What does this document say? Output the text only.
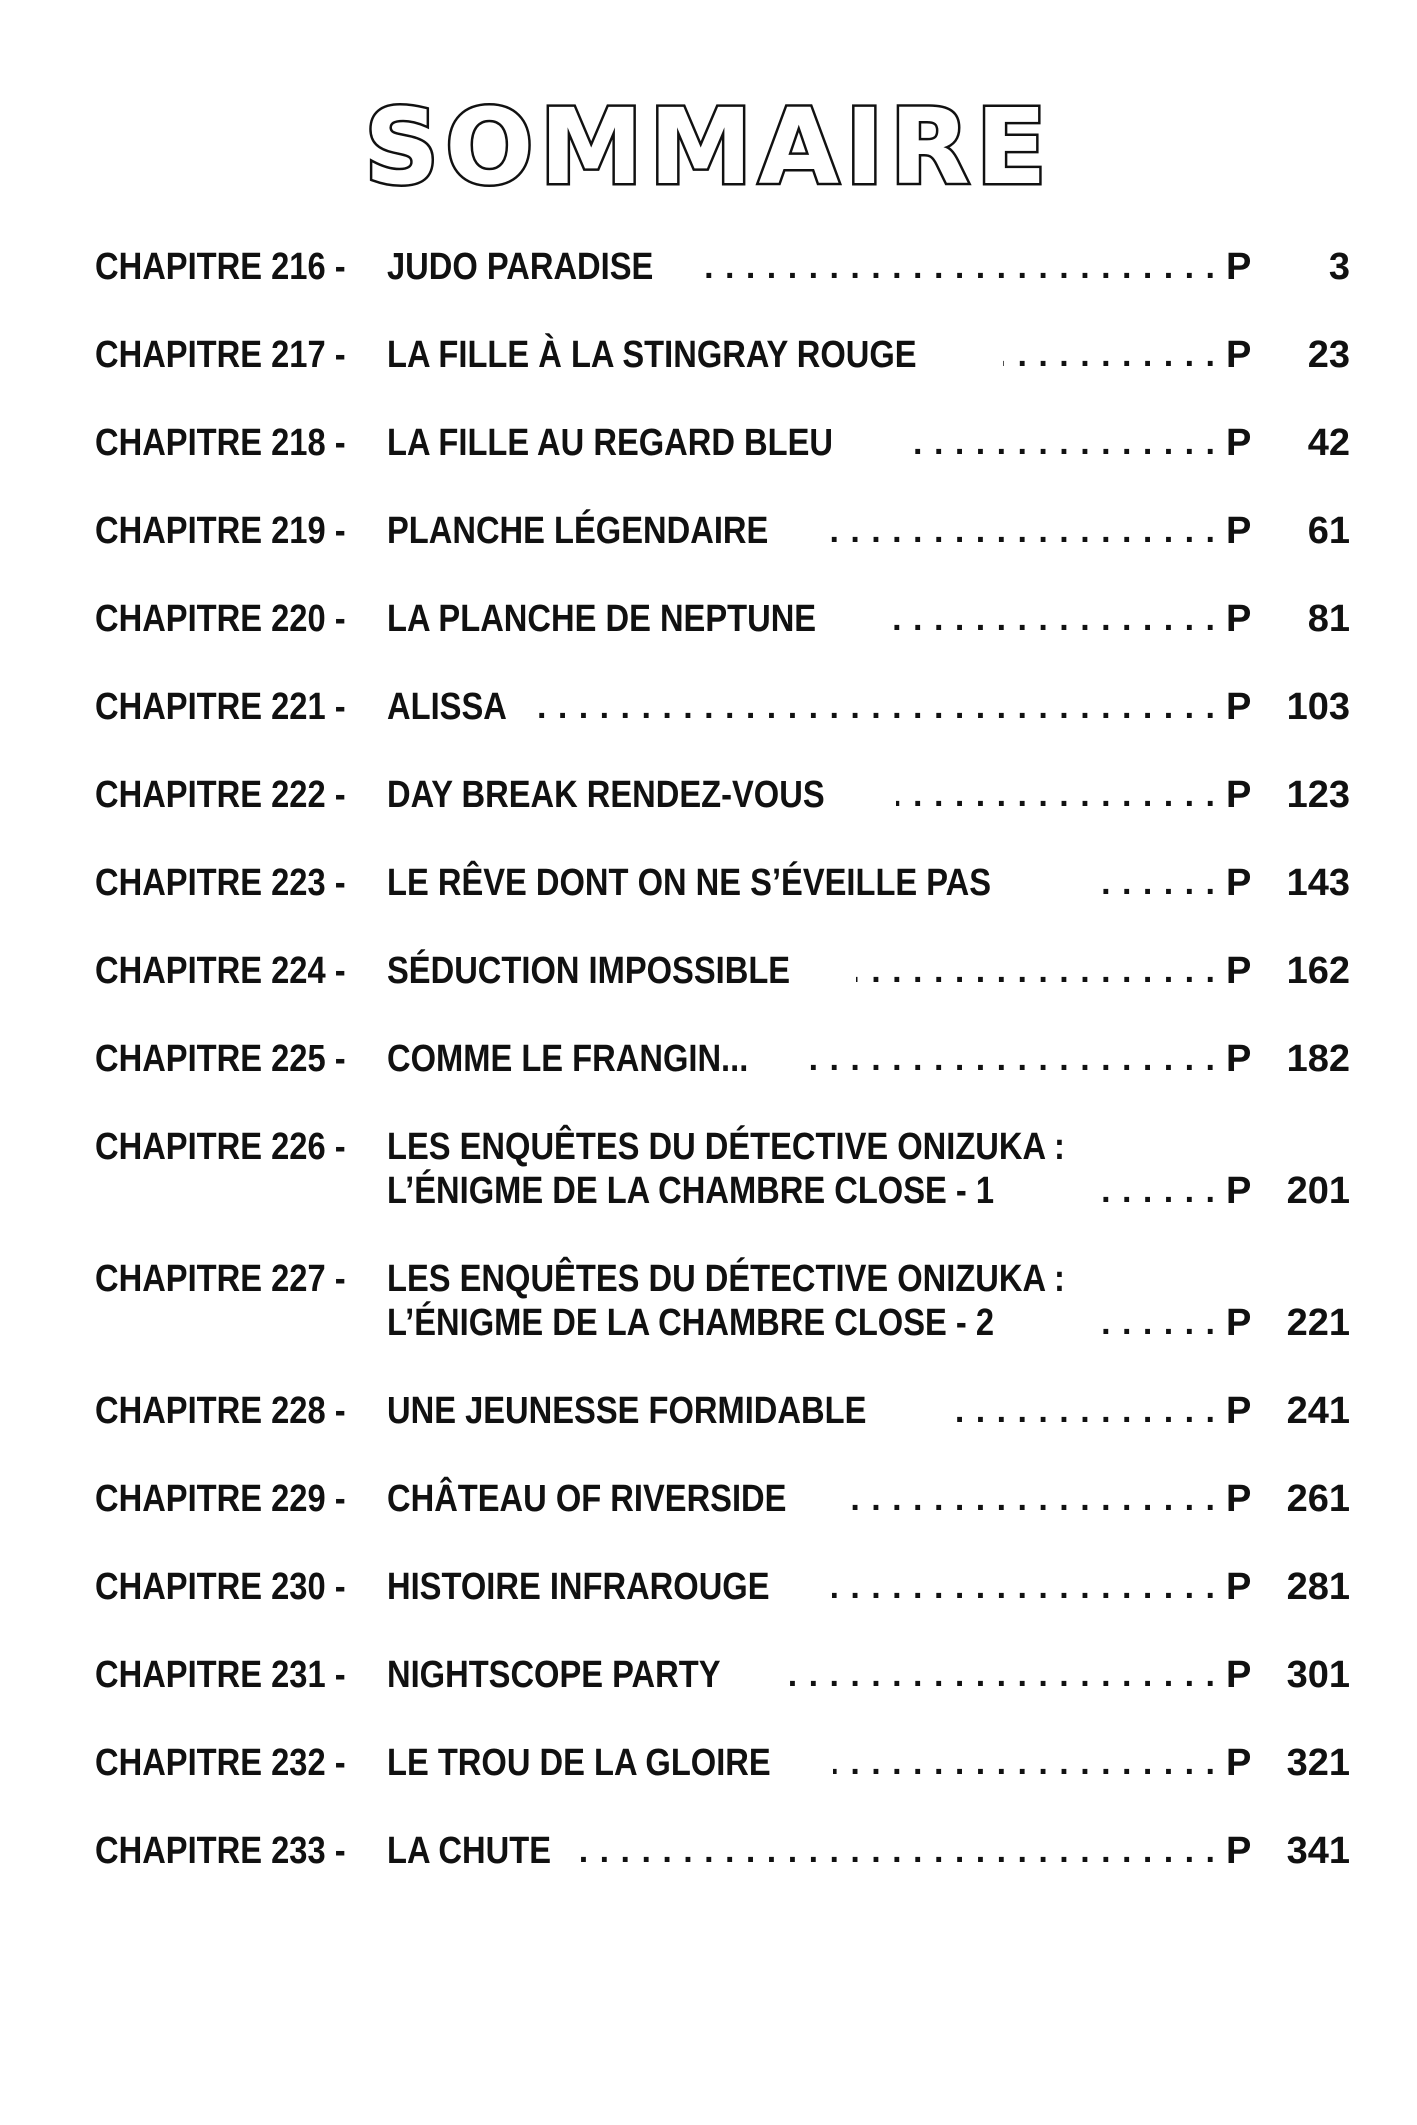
SOMMAIRE
CHAPITRE 216 - JUDO PARADISE . . .	P	3
CHAPITRE 217 - LA FILLE À LA STINGRAY ROUGE . . .	P	23
CHAPITRE 218 - LA FILLE AU REGARD BLEU . . .	P	42
CHAPITRE 219 - PLANCHE LÉGENDAIRE . . .	P	61
CHAPITRE 220 - LA PLANCHE DE NEPTUNE . . .	P	81
CHAPITRE 221 - ALISSA . . .	P 103
CHAPITRE 222 - DAY BREAK RENDEZ-VOUS . . .	P 123
CHAPITRE 223 - LE RÊVE DONT ON NE S’ÉVEILLE PAS . . .	P 143
CHAPITRE 224 - SÉDUCTION IMPOSSIBLE . . .	P 162
CHAPITRE 225 - COMME LE FRANGIN... . . .	P 182
CHAPITRE 226 - LES ENQUÊTES DU DÉTECTIVE ONIZUKA :
L’ÉNIGME DE LA CHAMBRE CLOSE - 1 . . .	P 201
CHAPITRE 227 - LES ENQUÊTES DU DÉTECTIVE ONIZUKA :
L’ÉNIGME DE LA CHAMBRE CLOSE - 2 . . .	P 221
CHAPITRE 228 - UNE JEUNESSE FORMIDABLE . . .	P 241
CHAPITRE 229 - CHÂTEAU OF RIVERSIDE . . .	P 261
CHAPITRE 230 - HISTOIRE INFRAROUGE . . .	P 281
CHAPITRE 231 - NIGHTSCOPE PARTY . . .	P 301
CHAPITRE 232 - LE TROU DE LA GLOIRE . . .	P 321
CHAPITRE 233 - LA CHUTE . . .	P 341
